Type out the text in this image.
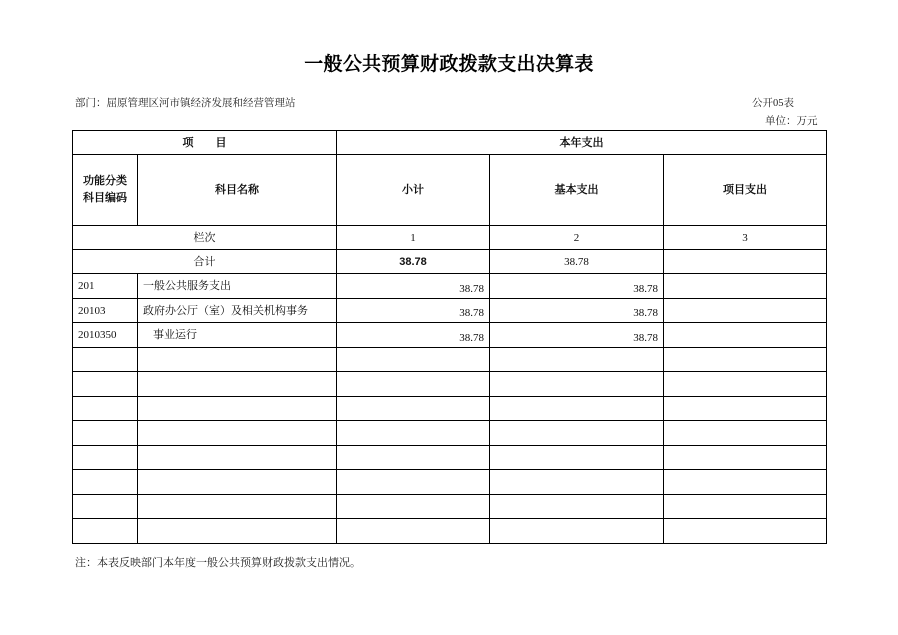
一般公共预算财政拨款支出决算表
部门：屈原管理区河市镇经济发展和经营管理站	公开05表
单位：万元
项　　目		本年支出		

功能分类
科目编码	科目名称	小计	基本支出	项目支出
栏次		1	2	3
合计		38.78	38.78	
201	一般公共服务支出	38.78	38.78	
20103	政府办公厅（室）及相关机构事务	38.78	38.78	
2010350	事业运行	38.78	38.78	

注：本表反映部门本年度一般公共预算财政拨款支出情况。
